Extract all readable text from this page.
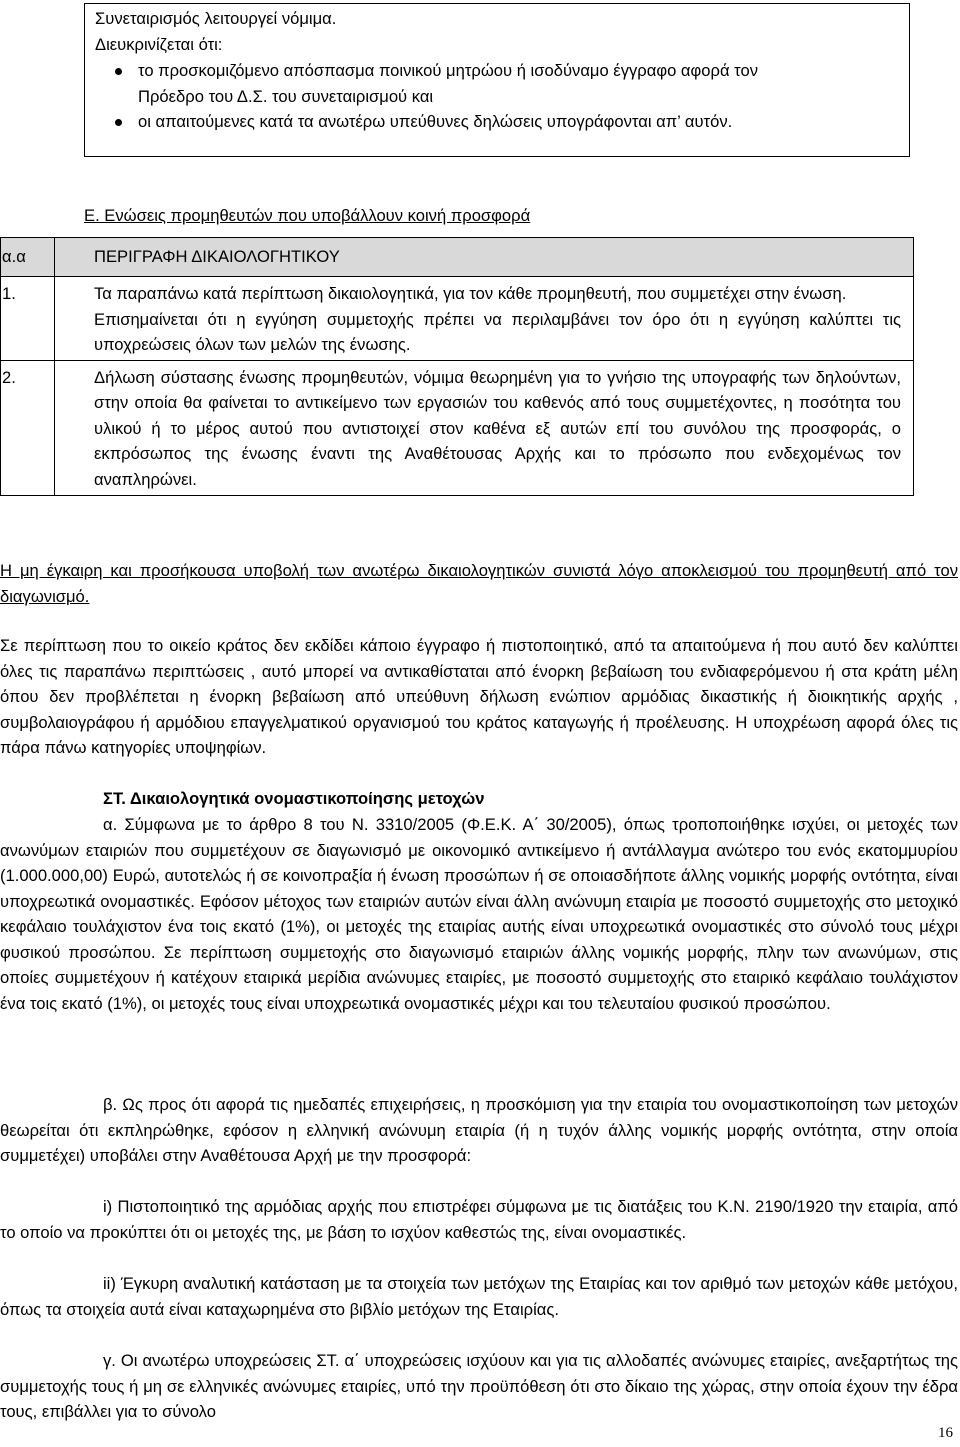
Συνεταιρισμός λειτουργεί νόμιμα.
Διευκρινίζεται ότι:
το προσκομιζόμενο απόσπασμα ποινικού μητρώου ή ισοδύναμο έγγραφο αφορά τον Πρόεδρο του Δ.Σ. του συνεταιρισμού και
οι απαιτούμενες κατά τα ανωτέρω υπεύθυνες δηλώσεις υπογράφονται απ’ αυτόν.
Ε. Ενώσεις προμηθευτών που υποβάλλουν κοινή προσφορά
α.α	ΠΕΡΙΓΡΑΦΗ ΔΙΚΑΙΟΛΟΓΗΤΙΚΟΥ
1.	Τα παραπάνω κατά περίπτωση δικαιολογητικά, για τον κάθε προμηθευτή, που συμμετέχει στην ένωση.
Επισημαίνεται ότι η εγγύηση συμμετοχής πρέπει να περιλαμβάνει τον όρο ότι η εγγύηση καλύπτει τις υποχρεώσεις όλων των μελών της ένωσης.

2.	Δήλωση σύστασης ένωσης προμηθευτών, νόμιμα θεωρημένη για το γνήσιο της υπογραφής των δηλούντων, στην οποία θα φαίνεται το αντικείμενο των εργασιών του καθενός από τους συμμετέχοντες, η ποσότητα του υλικού ή το μέρος αυτού που αντιστοιχεί στον καθένα εξ αυτών επί του συνόλου της προσφοράς, ο εκπρόσωπος της ένωσης έναντι της Αναθέτουσας Αρχής και το πρόσωπο που ενδεχομένως τον αναπληρώνει.
Η μη έγκαιρη και προσήκουσα υποβολή των ανωτέρω δικαιολογητικών συνιστά λόγο αποκλεισμού του προμηθευτή από τον διαγωνισμό.
Σε περίπτωση που το οικείο κράτος δεν εκδίδει κάποιο έγγραφο ή πιστοποιητικό, από τα απαιτούμενα ή που αυτό δεν καλύπτει όλες τις παραπάνω περιπτώσεις , αυτό μπορεί να αντικαθίσταται από ένορκη βεβαίωση του ενδιαφερόμενου ή στα κράτη μέλη όπου δεν προβλέπεται η ένορκη βεβαίωση από υπεύθυνη δήλωση ενώπιον αρμόδιας δικαστικής ή διοικητικής αρχής , συμβολαιογράφου ή αρμόδιου επαγγελματικού οργανισμού του κράτος καταγωγής ή προέλευσης. Η υποχρέωση αφορά όλες τις πάρα πάνω κατηγορίες υποψηφίων.
ΣΤ. Δικαιολογητικά ονομαστικοποίησης μετοχών
α. Σύμφωνα με το άρθρο 8 του Ν. 3310/2005 (Φ.Ε.Κ. Α΄ 30/2005), όπως τροποποιήθηκε ισχύει, οι μετοχές των ανωνύμων εταιριών που συμμετέχουν σε διαγωνισμό με οικονομικό αντικείμενο ή αντάλλαγμα ανώτερο του ενός εκατομμυρίου (1.000.000,00) Ευρώ, αυτοτελώς ή σε κοινοπραξία ή ένωση προσώπων ή σε οποιασδήποτε άλλης νομικής μορφής οντότητα, είναι υποχρεωτικά ονομαστικές. Εφόσον μέτοχος των εταιριών αυτών είναι άλλη ανώνυμη εταιρία με ποσοστό συμμετοχής στο μετοχικό κεφάλαιο τουλάχιστον ένα τοις εκατό (1%), οι μετοχές της εταιρίας αυτής είναι υποχρεωτικά ονομαστικές στο σύνολό τους μέχρι φυσικού προσώπου. Σε περίπτωση συμμετοχής στο διαγωνισμό εταιριών άλλης νομικής μορφής, πλην των ανωνύμων, στις οποίες συμμετέχουν ή κατέχουν εταιρικά μερίδια ανώνυμες εταιρίες, με ποσοστό συμμετοχής στο εταιρικό κεφάλαιο τουλάχιστον ένα τοις εκατό (1%), οι μετοχές τους είναι υποχρεωτικά ονομαστικές μέχρι και του τελευταίου φυσικού προσώπου.
β. Ως προς ότι αφορά τις ημεδαπές επιχειρήσεις, η προσκόμιση για την εταιρία του ονομαστικοποίηση των μετοχών θεωρείται ότι εκπληρώθηκε, εφόσον η ελληνική ανώνυμη εταιρία (ή η τυχόν άλλης νομικής μορφής οντότητα, στην οποία συμμετέχει) υποβάλει στην Αναθέτουσα Αρχή με την προσφορά:
i) Πιστοποιητικό της αρμόδιας αρχής που επιστρέφει σύμφωνα με τις διατάξεις του Κ.Ν. 2190/1920 την εταιρία, από το οποίο να προκύπτει ότι οι μετοχές της, με βάση το ισχύον καθεστώς της, είναι ονομαστικές.
ii) Έγκυρη αναλυτική κατάσταση με τα στοιχεία των μετόχων της Εταιρίας και τον αριθμό των μετοχών κάθε μετόχου, όπως τα στοιχεία αυτά είναι καταχωρημένα στο βιβλίο μετόχων της Εταιρίας.
γ. Οι ανωτέρω υποχρεώσεις ΣΤ. α΄ υποχρεώσεις ισχύουν και για τις αλλοδαπές ανώνυμες εταιρίες, ανεξαρτήτως της συμμετοχής τους ή μη σε ελληνικές ανώνυμες εταιρίες, υπό την προϋπόθεση ότι στο δίκαιο της χώρας, στην οποία έχουν την έδρα τους, επιβάλλει για το σύνολο
16
